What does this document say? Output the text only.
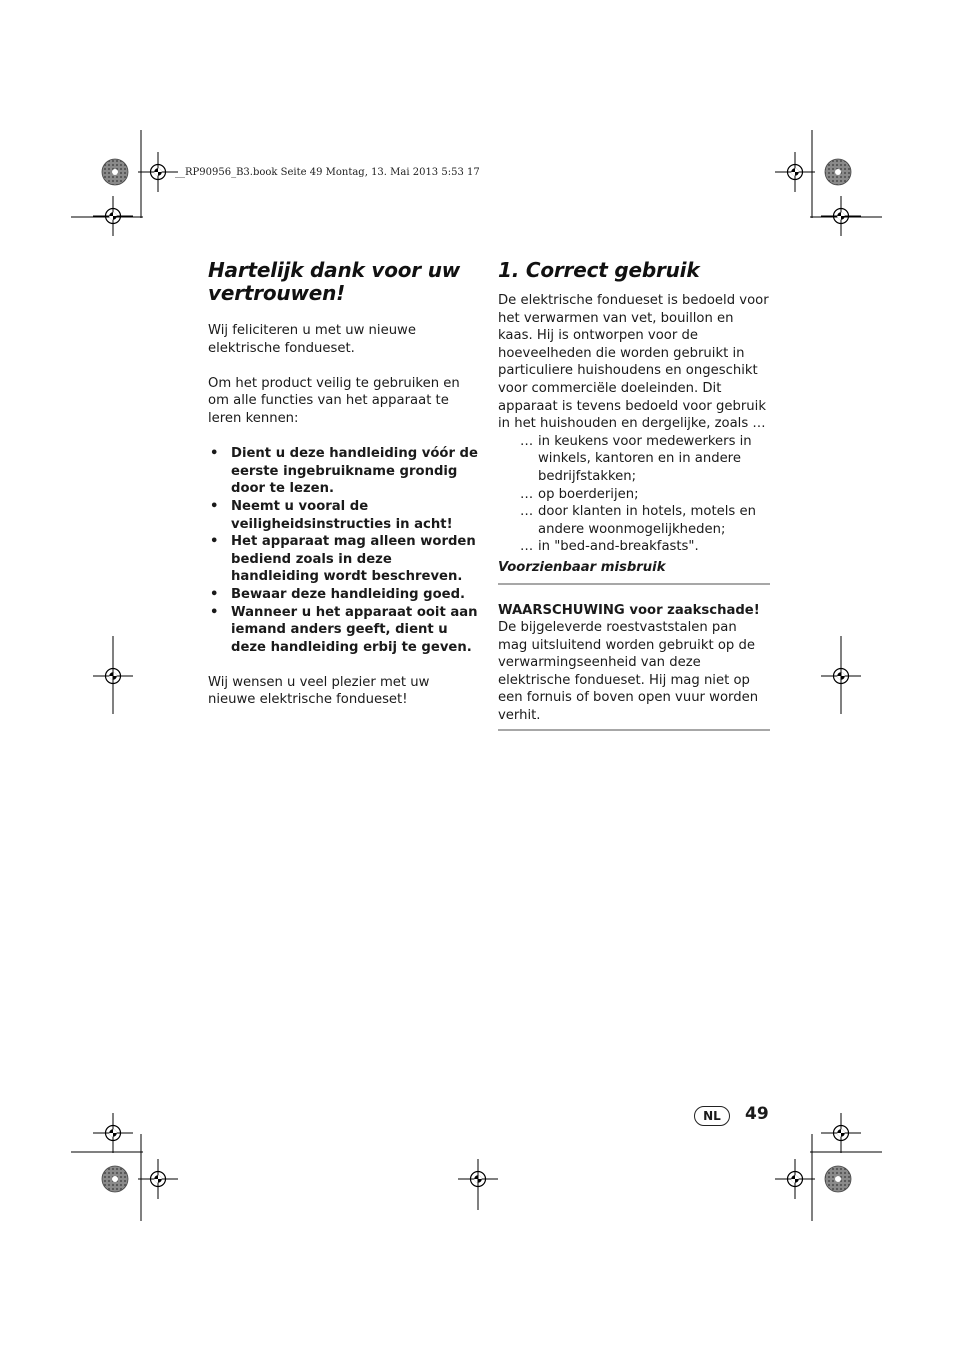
__RP90956_B3.book Seite 49 Montag, 13. Mai 2013 5:53 17
Hartelijk dank voor uw vertrouwen!

Wij feliciteren u met uw nieuwe elektrische fondueset.

Om het product veilig te gebruiken en om alle functies van het apparaat te leren kennen:

• Dient u deze handleiding vóór de eerste ingebruikname grondig door te lezen.
• Neemt u vooral de veiligheidsinstructies in acht!
• Het apparaat mag alleen worden bediend zoals in deze handleiding wordt beschreven.
• Bewaar deze handleiding goed.
• Wanneer u het apparaat ooit aan iemand anders geeft, dient u deze handleiding erbij te geven.

Wij wensen u veel plezier met uw nieuwe elektrische fondueset!

1. Correct gebruik

De elektrische fondueset is bedoeld voor het verwarmen van vet, bouillon en kaas. Hij is ontworpen voor de hoeveelheden die worden gebruikt in particuliere huishoudens en ongeschikt voor commerciële doeleinden. Dit apparaat is tevens bedoeld voor gebruik in het huishouden en dergelijke, zoals …

… in keukens voor medewerkers in winkels, kantoren en in andere bedrijfstakken;
… op boerderijen;
… door klanten in hotels, motels en andere woonmogelijkheden;
… in "bed-and-breakfasts".

Voorzienbaar misbruik

WAARSCHUWING voor zaakschade!

De bijgeleverde roestvaststalen pan mag uitsluitend worden gebruikt op de verwarmingseenheid van deze elektrische fondueset. Hij mag niet op een fornuis of boven open vuur worden verhit.

NL	49
